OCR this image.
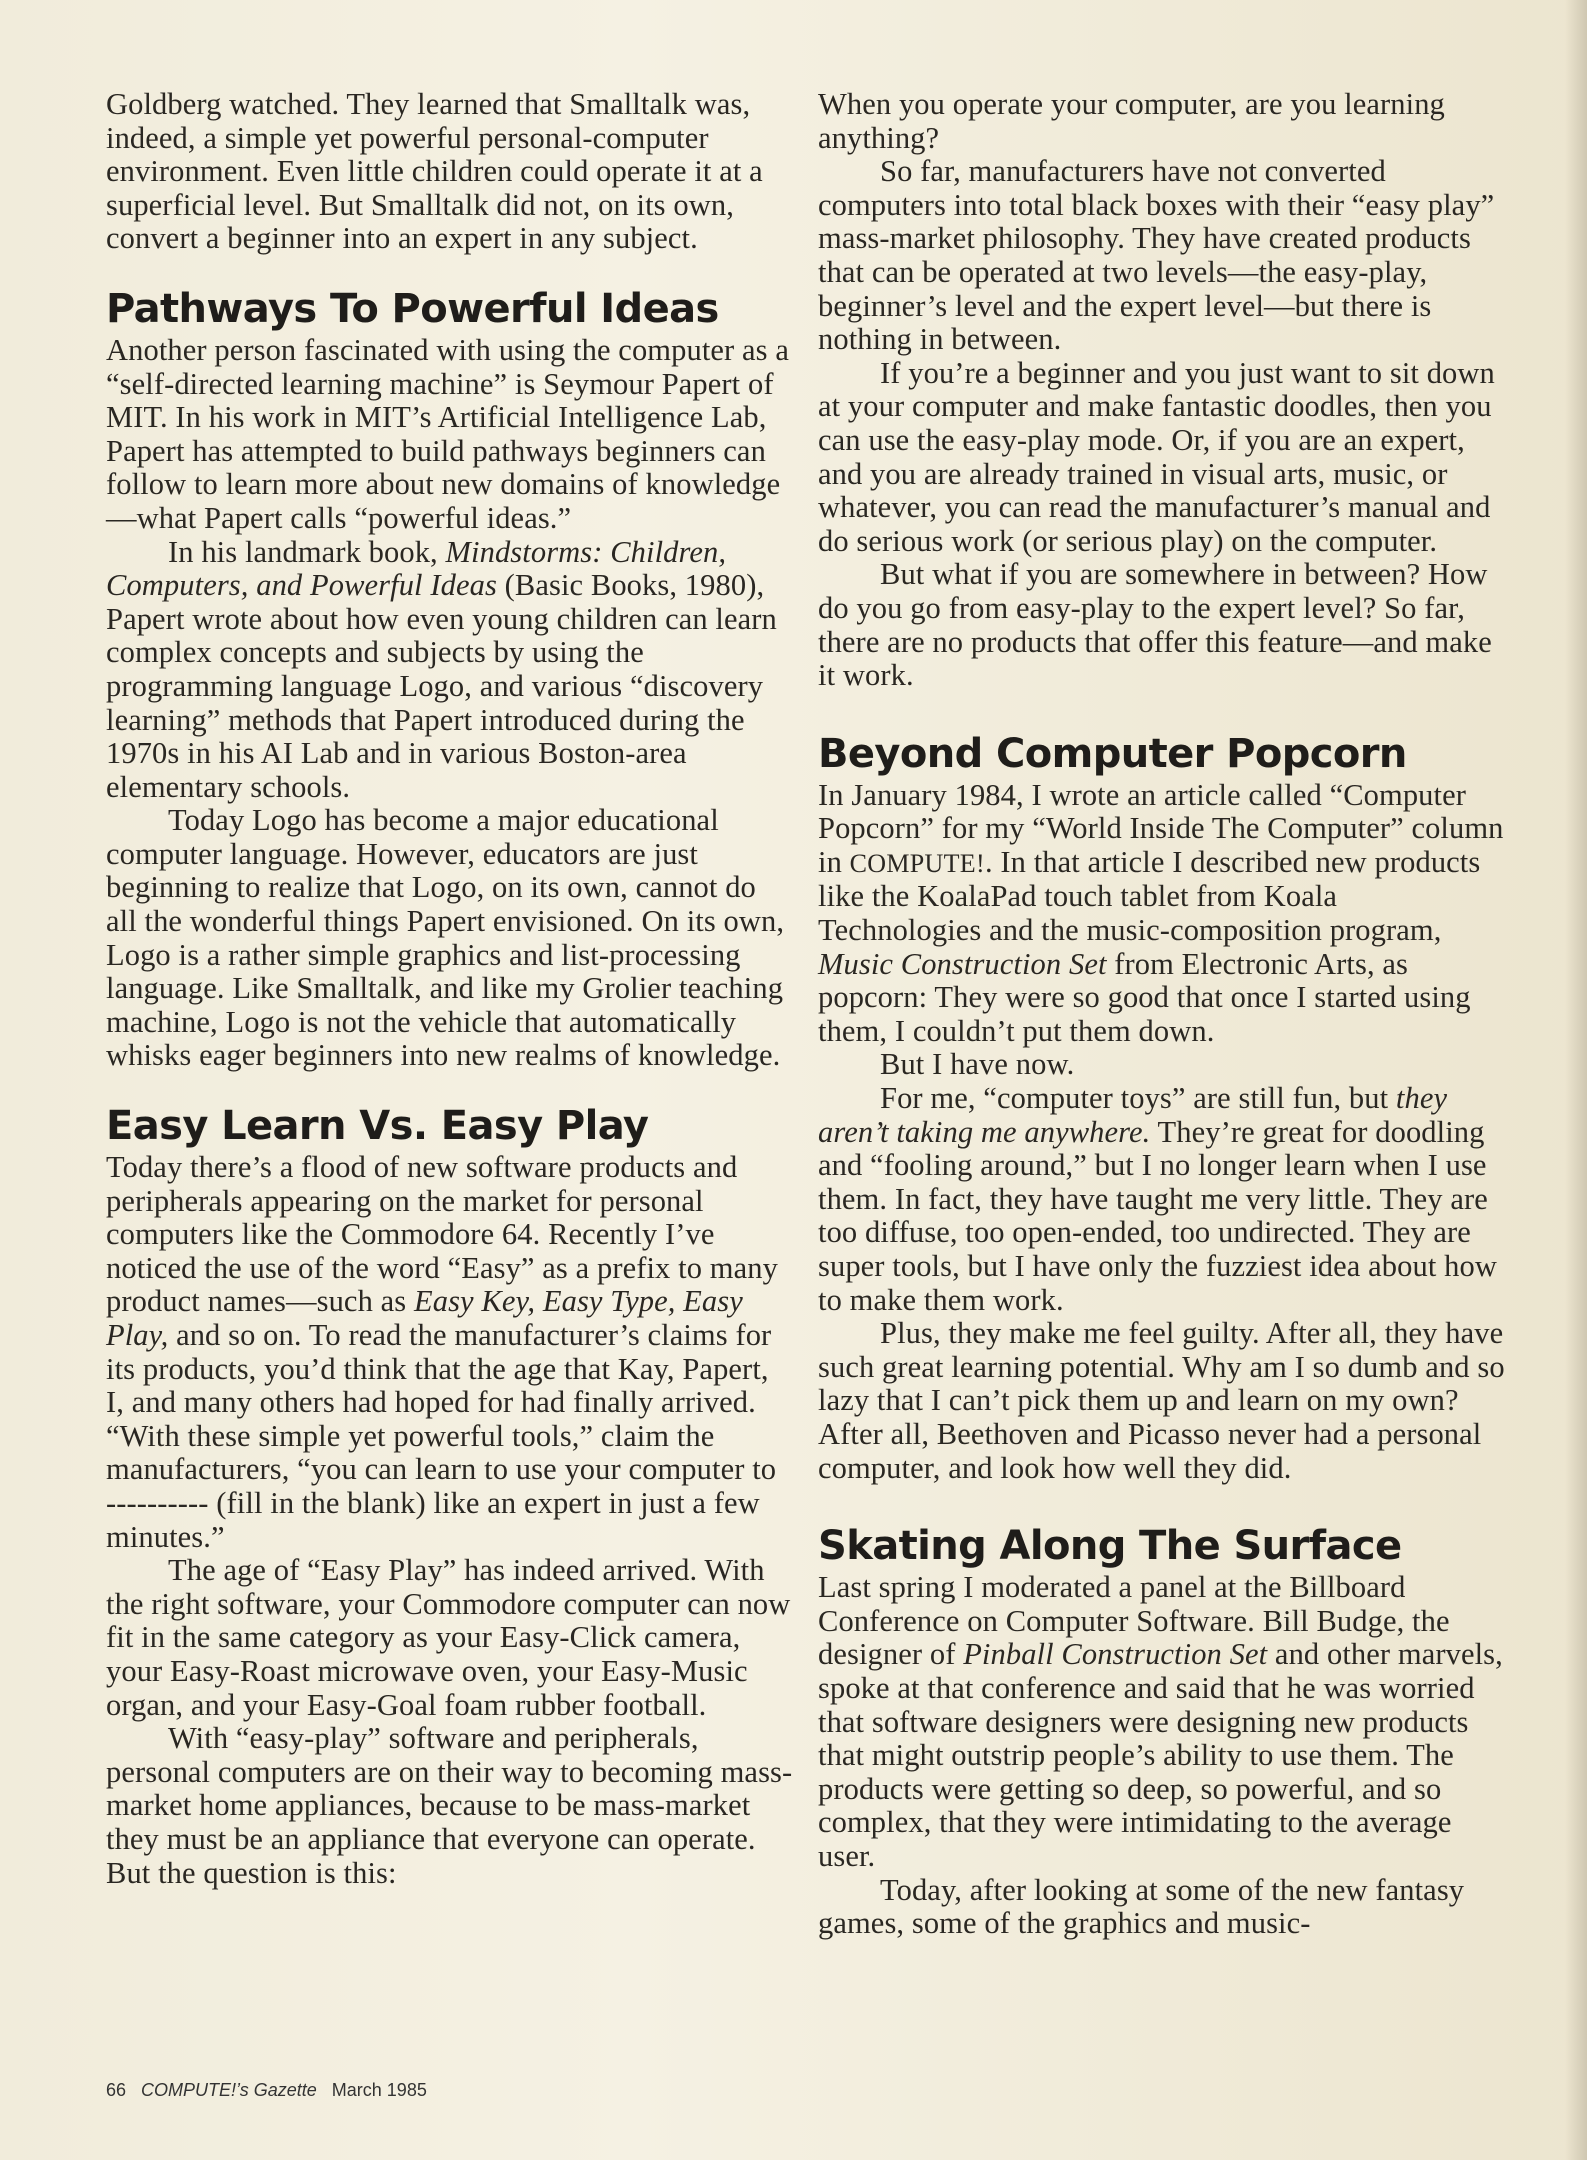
Goldberg watched. They learned that Smalltalk was, indeed, a simple yet powerful personal-computer environment. Even little children could operate it at a superficial level. But Smalltalk did not, on its own, convert a beginner into an expert in any subject.

Pathways To Powerful Ideas

Another person fascinated with using the computer as a “self-directed learning machine” is Seymour Papert of MIT. In his work in MIT’s Artificial Intelligence Lab, Papert has attempted to build pathways beginners can follow to learn more about new domains of knowledge—what Papert calls “powerful ideas.”

In his landmark book, Mindstorms: Children, Computers, and Powerful Ideas (Basic Books, 1980), Papert wrote about how even young children can learn complex concepts and subjects by using the programming language Logo, and various “discovery learning” methods that Papert introduced during the 1970s in his AI Lab and in various Boston-area elementary schools.

Today Logo has become a major educational computer language. However, educators are just beginning to realize that Logo, on its own, cannot do all the wonderful things Papert envisioned. On its own, Logo is a rather simple graphics and list-processing language. Like Smalltalk, and like my Grolier teaching machine, Logo is not the vehicle that automatically whisks eager beginners into new realms of knowledge.

Easy Learn Vs. Easy Play

Today there’s a flood of new software products and peripherals appearing on the market for personal computers like the Commodore 64. Recently I’ve noticed the use of the word “Easy” as a prefix to many product names—such as Easy Key, Easy Type, Easy Play, and so on. To read the manufacturer’s claims for its products, you’d think that the age that Kay, Papert, I, and many others had hoped for had finally arrived. “With these simple yet powerful tools,” claim the manufacturers, “you can learn to use your computer to ---------- (fill in the blank) like an expert in just a few minutes.”

The age of “Easy Play” has indeed arrived. With the right software, your Commodore computer can now fit in the same category as your Easy-Click camera, your Easy-Roast microwave oven, your Easy-Music organ, and your Easy-Goal foam rubber football.

With “easy-play” software and peripherals, personal computers are on their way to becoming mass-market home appliances, because to be mass-market they must be an appliance that everyone can operate. But the question is this:

When you operate your computer, are you learning anything?

So far, manufacturers have not converted computers into total black boxes with their “easy play” mass-market philosophy. They have created products that can be operated at two levels—the easy-play, beginner’s level and the expert level—but there is nothing in between.

If you’re a beginner and you just want to sit down at your computer and make fantastic doodles, then you can use the easy-play mode. Or, if you are an expert, and you are already trained in visual arts, music, or whatever, you can read the manufacturer’s manual and do serious work (or serious play) on the computer.

But what if you are somewhere in between? How do you go from easy-play to the expert level? So far, there are no products that offer this feature—and make it work.

Beyond Computer Popcorn

In January 1984, I wrote an article called “Computer Popcorn” for my “World Inside The Computer” column in COMPUTE!. In that article I described new products like the KoalaPad touch tablet from Koala Technologies and the music-composition program, Music Construction Set from Electronic Arts, as popcorn: They were so good that once I started using them, I couldn’t put them down.

But I have now.

For me, “computer toys” are still fun, but they aren’t taking me anywhere. They’re great for doodling and “fooling around,” but I no longer learn when I use them. In fact, they have taught me very little. They are too diffuse, too open-ended, too undirected. They are super tools, but I have only the fuzziest idea about how to make them work.

Plus, they make me feel guilty. After all, they have such great learning potential. Why am I so dumb and so lazy that I can’t pick them up and learn on my own? After all, Beethoven and Picasso never had a personal computer, and look how well they did.

Skating Along The Surface

Last spring I moderated a panel at the Billboard Conference on Computer Software. Bill Budge, the designer of Pinball Construction Set and other marvels, spoke at that conference and said that he was worried that software designers were designing new products that might outstrip people’s ability to use them. The products were getting so deep, so powerful, and so complex, that they were intimidating to the average user.

Today, after looking at some of the new fantasy games, some of the graphics and music-

66 COMPUTE!’s Gazette March 1985
